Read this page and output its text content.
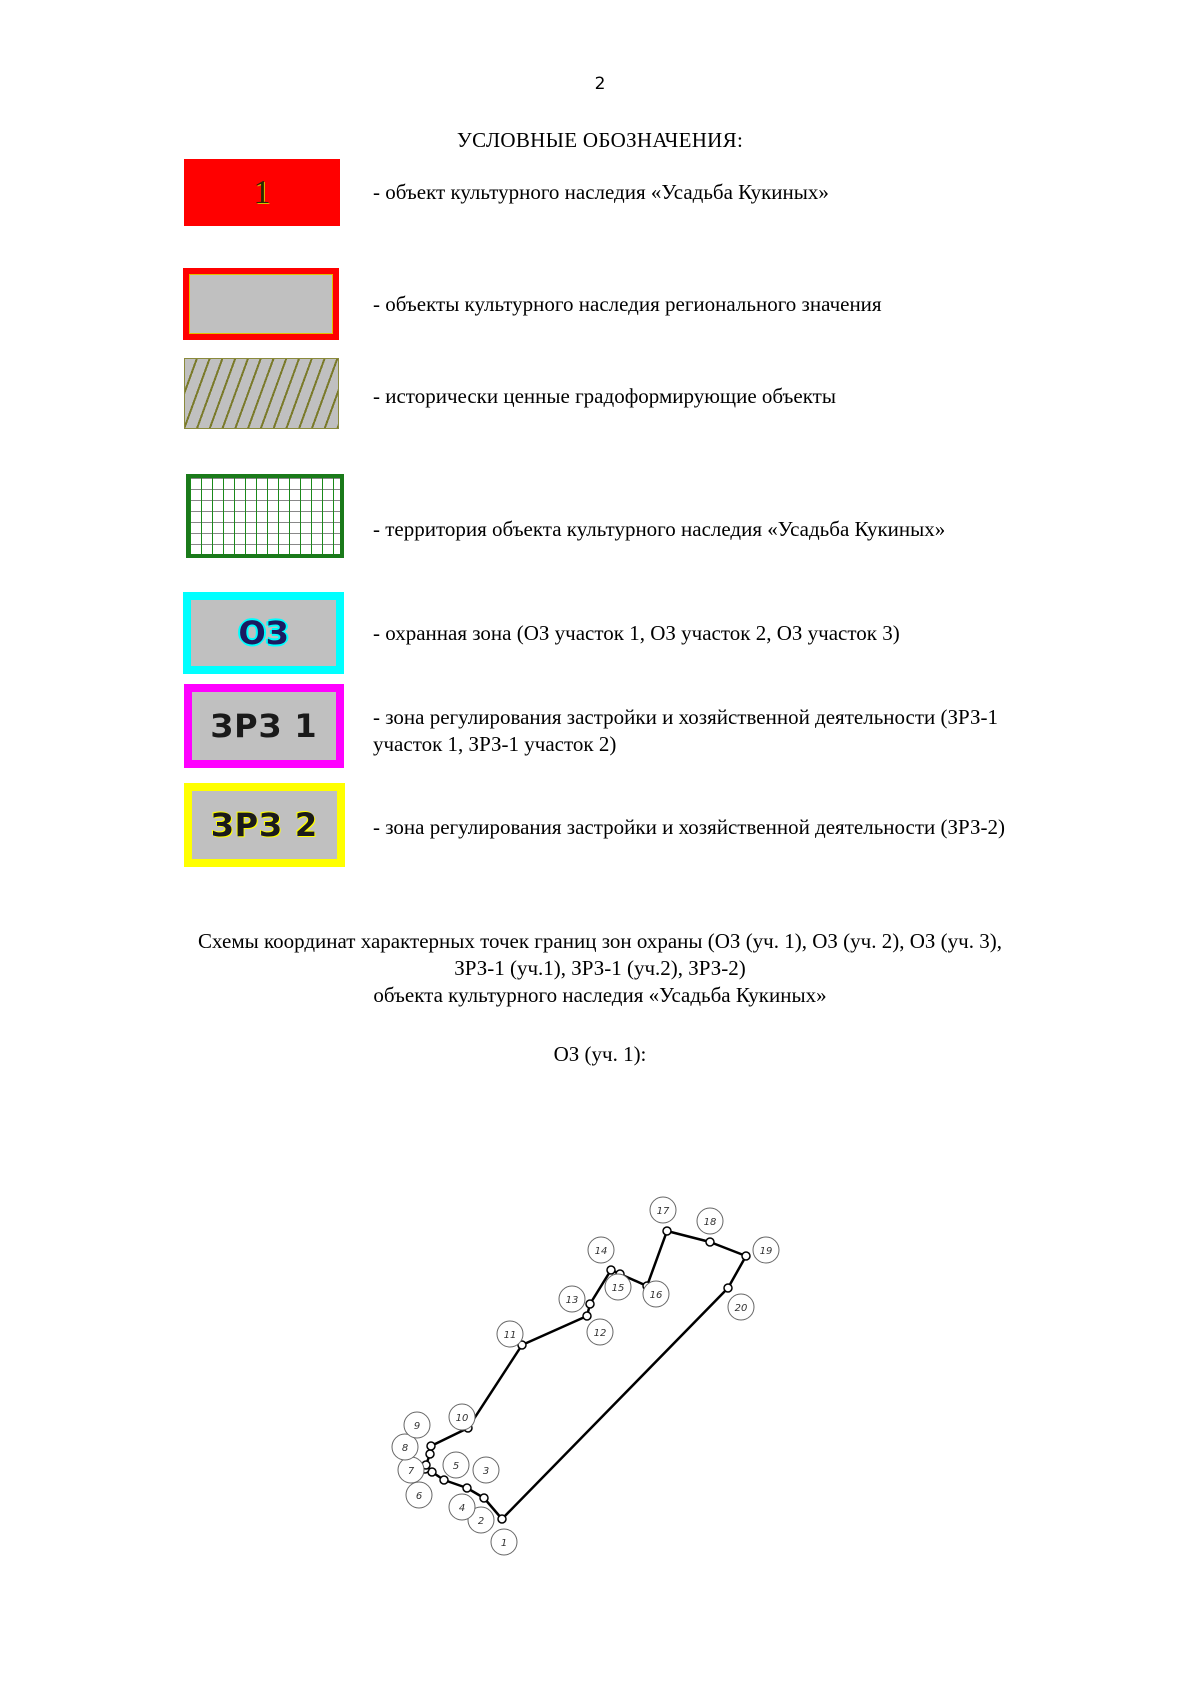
2
УСЛОВНЫЕ ОБОЗНАЧЕНИЯ:
1	- объект культурного наследия «Усадьба Кукиных»
- объекты культурного наследия регионального значения
- исторически ценные градоформирующие объекты
- территория объекта культурного наследия «Усадьба Кукиных»
ОЗ	- охранная зона (ОЗ участок 1, ОЗ участок 2, ОЗ участок 3)
ЗРЗ 1	- зона регулирования застройки и хозяйственной деятельности (ЗРЗ-1
участок 1, ЗРЗ-1 участок 2)
ЗРЗ 2	- зона регулирования застройки и хозяйственной деятельности (ЗРЗ-2)
Схемы координат характерных точек границ зон охраны (ОЗ (уч. 1), ОЗ (уч. 2), ОЗ (уч. 3),
ЗРЗ-1 (уч.1), ЗРЗ-1 (уч.2), ЗРЗ-2)
объекта культурного наследия «Усадьба Кукиных»
ОЗ (уч. 1):
1
2
3
4
5
6
7
8
9
10
11	12
13
14
15
16
17
18
19
20
